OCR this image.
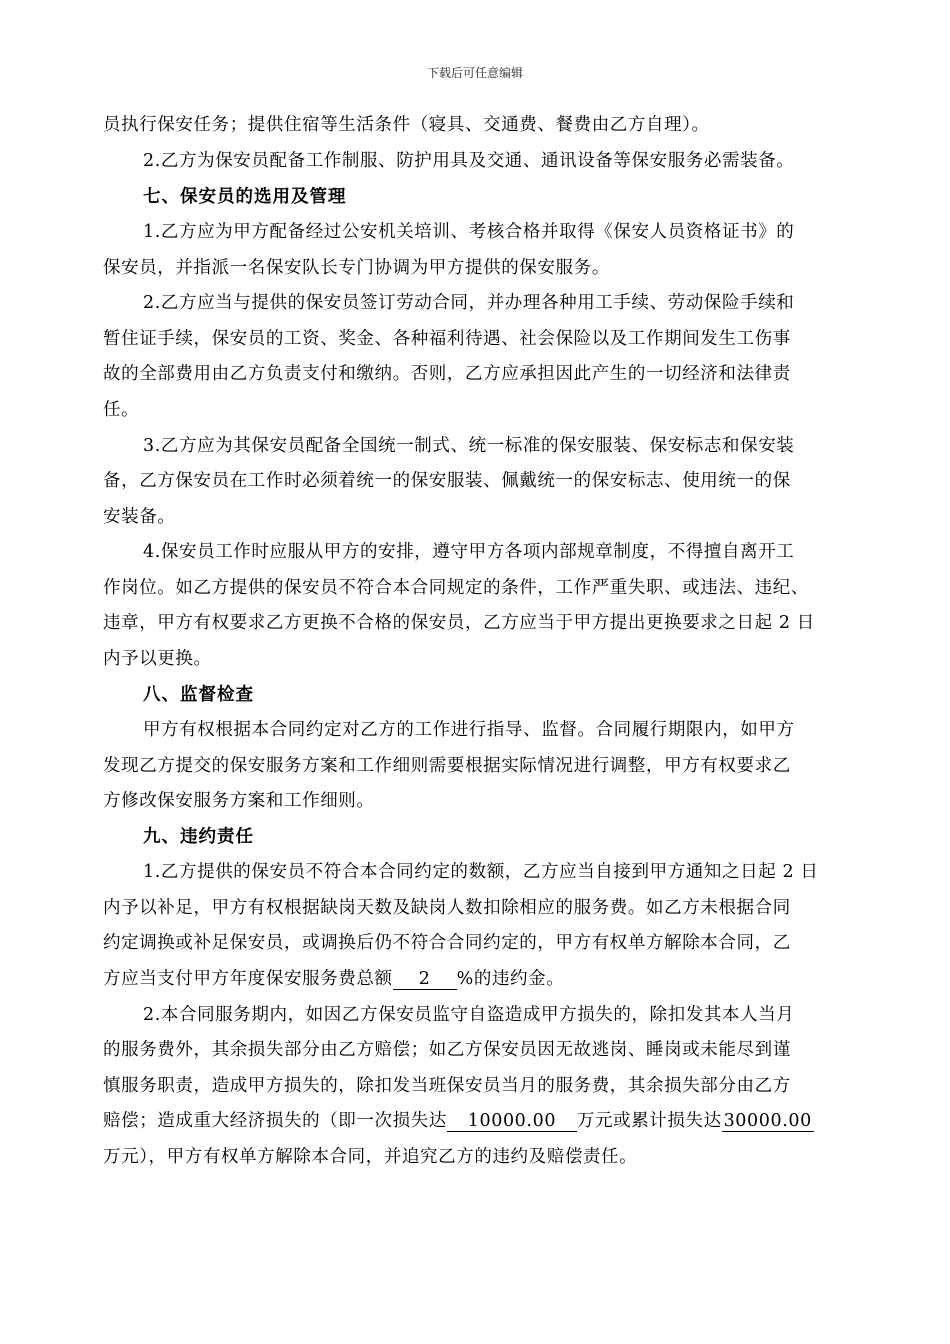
下载后可任意编辑
员执行保安任务；提供住宿等生活条件（寝具、交通费、餐费由乙方自理）。
2.乙方为保安员配备工作制服、防护用具及交通、通讯设备等保安服务必需装备。
七、保安员的选用及管理
1.乙方应为甲方配备经过公安机关培训、考核合格并取得《保安人员资格证书》的
保安员，并指派一名保安队长专门协调为甲方提供的保安服务。
2.乙方应当与提供的保安员签订劳动合同，并办理各种用工手续、劳动保险手续和
暂住证手续，保安员的工资、奖金、各种福利待遇、社会保险以及工作期间发生工伤事
故的全部费用由乙方负责支付和缴纳。否则，乙方应承担因此产生的一切经济和法律责
任。
3.乙方应为其保安员配备全国统一制式、统一标准的保安服装、保安标志和保安装
备，乙方保安员在工作时必须着统一的保安服装、佩戴统一的保安标志、使用统一的保
安装备。
4.保安员工作时应服从甲方的安排，遵守甲方各项内部规章制度，不得擅自离开工
作岗位。如乙方提供的保安员不符合本合同规定的条件，工作严重失职、或违法、违纪、
违章，甲方有权要求乙方更换不合格的保安员，乙方应当于甲方提出更换要求之日起 2 日
内予以更换。
八、监督检查
甲方有权根据本合同约定对乙方的工作进行指导、监督。合同履行期限内，如甲方
发现乙方提交的保安服务方案和工作细则需要根据实际情况进行调整，甲方有权要求乙
方修改保安服务方案和工作细则。
九、违约责任
1.乙方提供的保安员不符合本合同约定的数额，乙方应当自接到甲方通知之日起 2 日
内予以补足，甲方有权根据缺岗天数及缺岗人数扣除相应的服务费。如乙方未根据合同
约定调换或补足保安员，或调换后仍不符合合同约定的，甲方有权单方解除本合同，乙
方应当支付甲方年度保安服务费总额 2 %的违约金。
2.本合同服务期内，如因乙方保安员监守自盗造成甲方损失的，除扣发其本人当月
的服务费外，其余损失部分由乙方赔偿；如乙方保安员因无故逃岗、睡岗或未能尽到谨
慎服务职责，造成甲方损失的，除扣发当班保安员当月的服务费，其余损失部分由乙方
赔偿；造成重大经济损失的（即一次损失达 10000.00 万元或累计损失达 30000.00
万元），甲方有权单方解除本合同，并追究乙方的违约及赔偿责任。
